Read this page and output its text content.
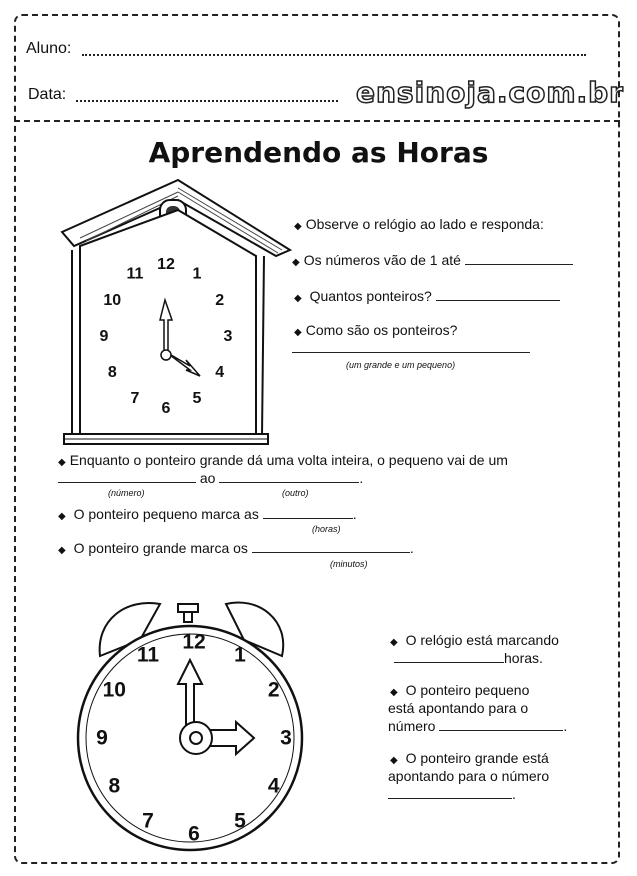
Aluno:
Data:	ensinoja.com.br
Aprendendo as Horas
12
1
2
3
4
5
6
7
8
9
10
11
12
1
2
3
4
5
6
7
8
9
10
11
◆ Observe o relógio ao lado e responda:
◆ Os números vão de 1 até
◆ Quantos ponteiros?
◆ Como são os ponteiros?
(um grande e um pequeno)
◆ Enquanto o ponteiro grande dá uma volta inteira, o pequeno vai de um
ao	.
(número)	(outro)
◆ O ponteiro pequeno marca as	.
(horas)
◆ O ponteiro grande marca os	.
(minutos)
◆ O relógio está marcando
horas.
◆ O ponteiro pequeno
está apontando para o
número	.
◆ O ponteiro grande está
apontando para o número
.
